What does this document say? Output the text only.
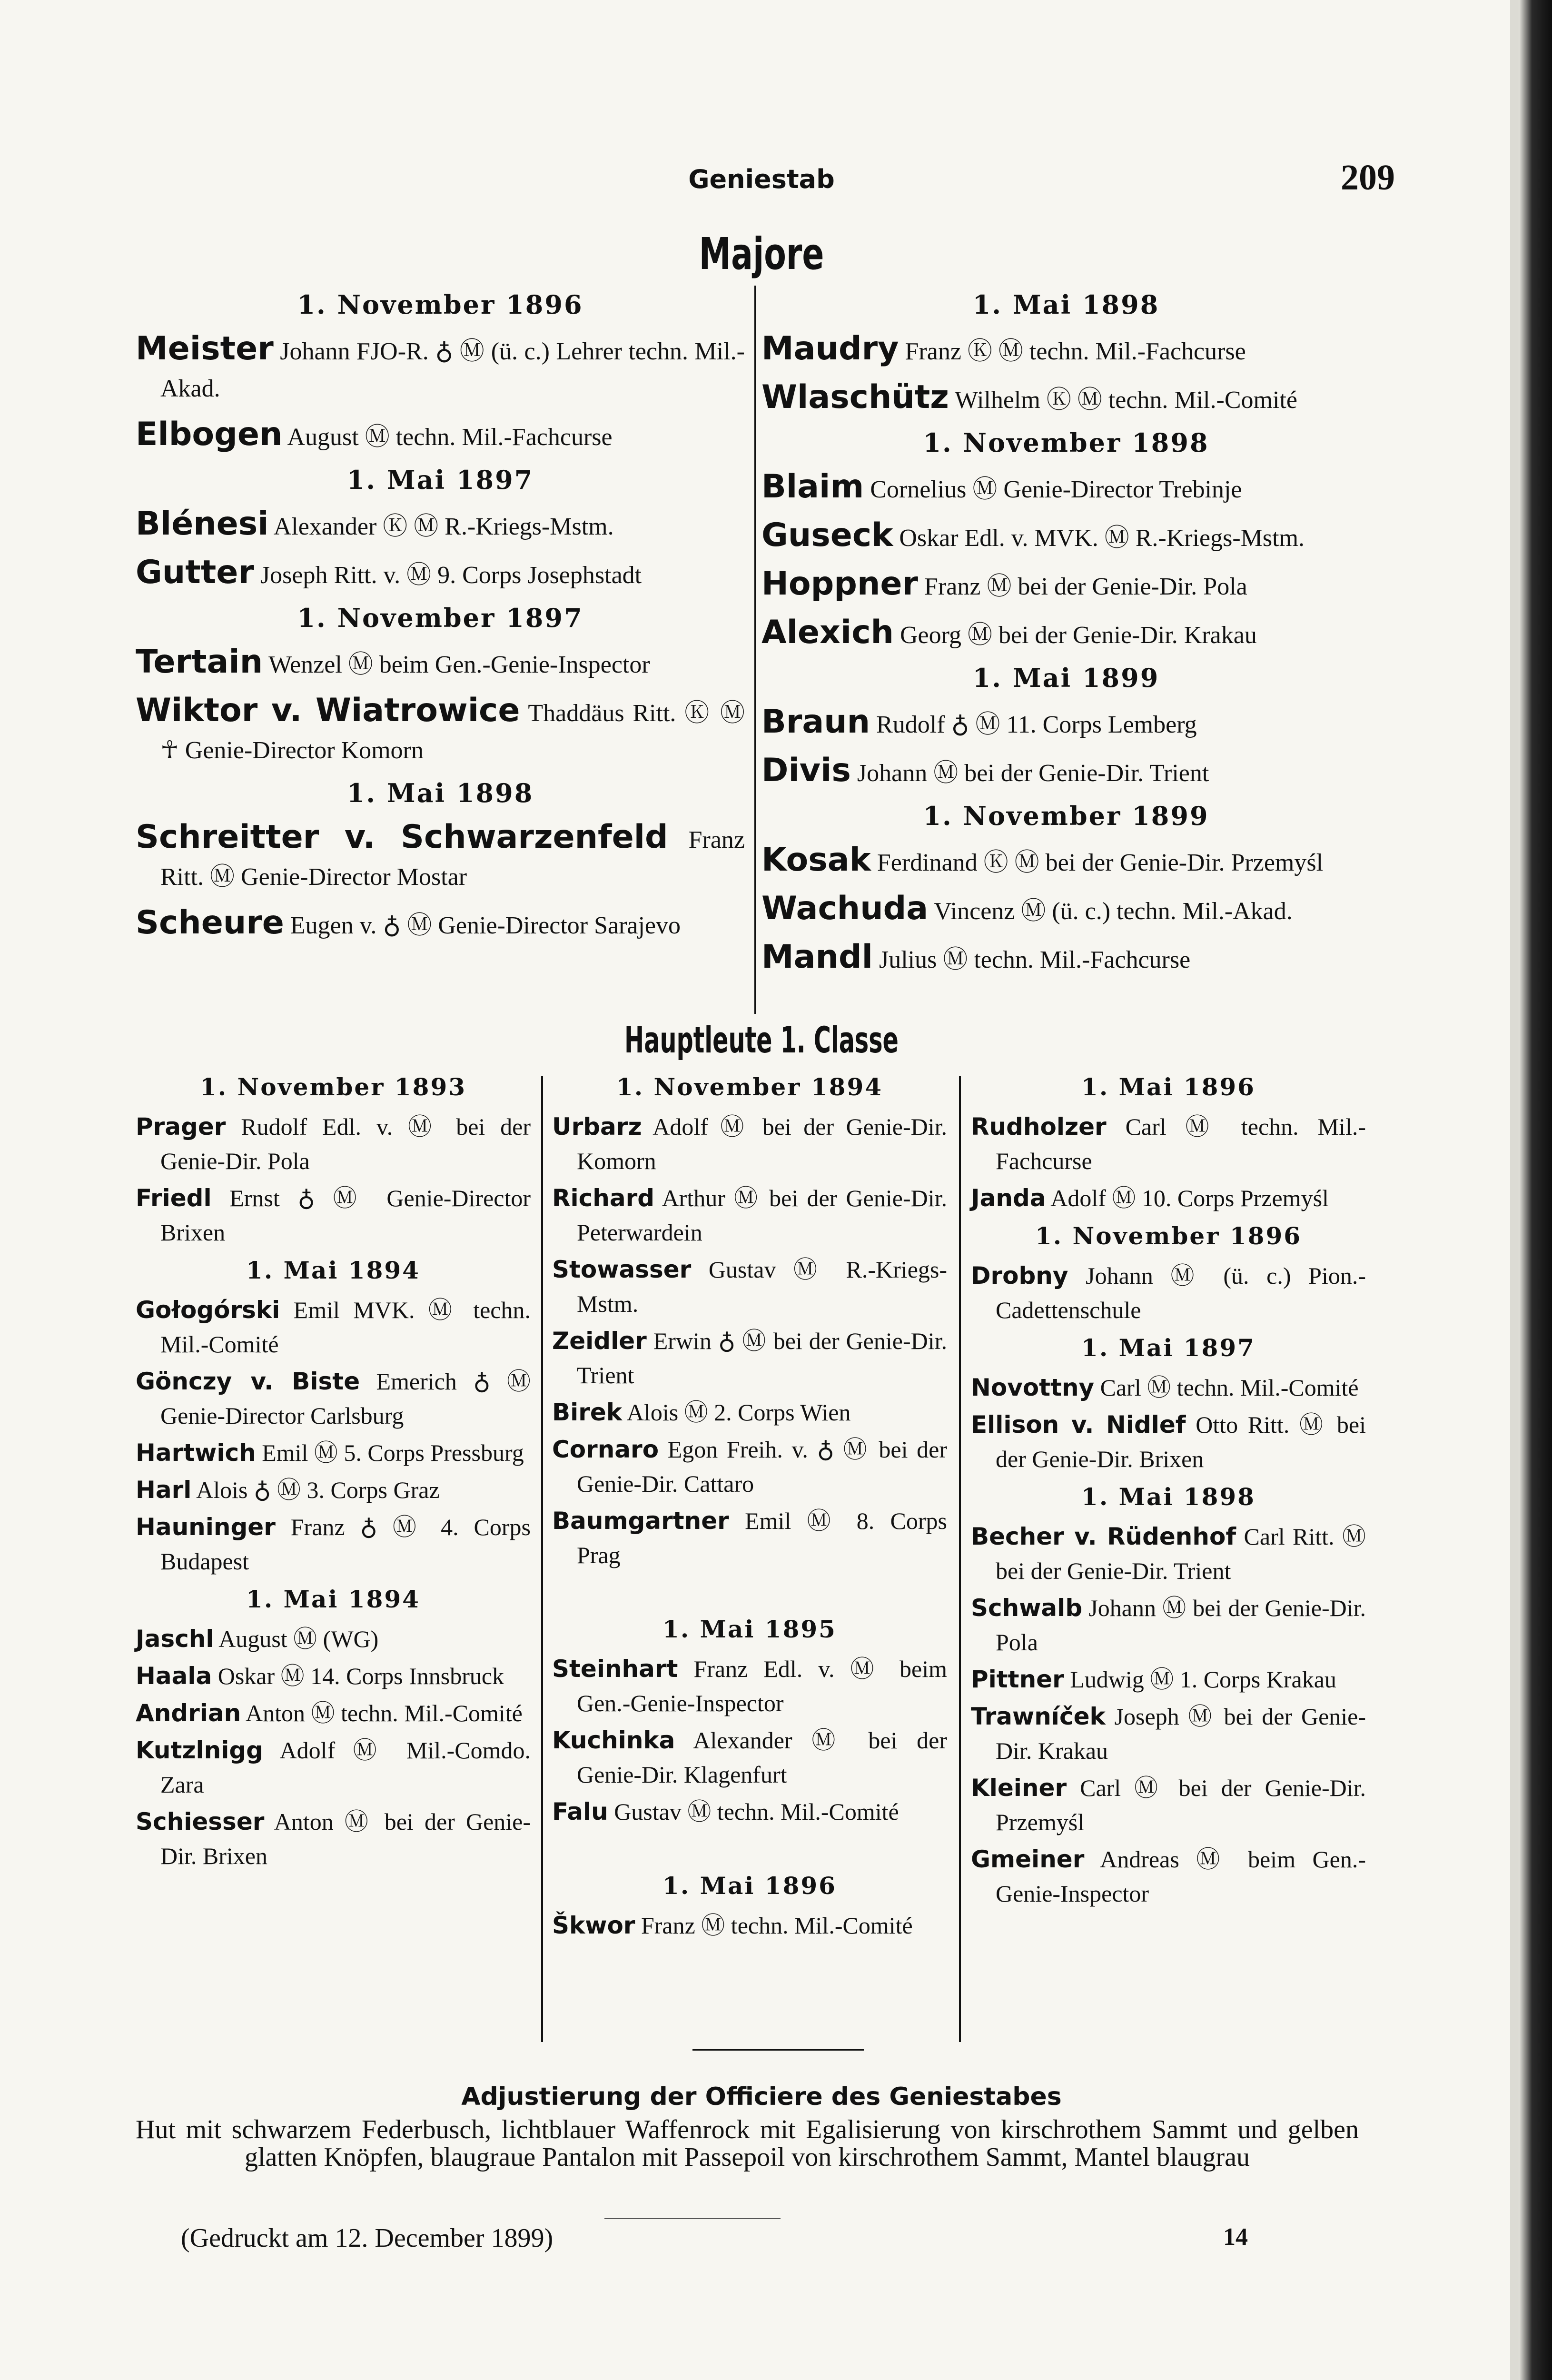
Geniestab	209
Majore
1. November 1896
Meister Johann FJO-R. ♁ Ⓜ (ü. c.) Lehrer techn. Mil.-Akad.
Elbogen August Ⓜ techn. Mil.-Fachcurse
1. Mai 1897
Blénesi Alexander Ⓚ Ⓜ R.-Kriegs-Mstm.
Gutter Joseph Ritt. v. Ⓜ 9. Corps Josephstadt
1. November 1897
Tertain Wenzel Ⓜ beim Gen.-Genie-Inspector
Wiktor v. Wiatrowice Thaddäus Ritt. Ⓚ Ⓜ ☥ Genie-Director Komorn
1. Mai 1898
Schreitter v. Schwarzenfeld Franz Ritt. Ⓜ Genie-Director Mostar
Scheure Eugen v. ♁ Ⓜ Genie-Director Sarajevo
1. Mai 1898
Maudry Franz Ⓚ Ⓜ techn. Mil.-Fachcurse
Wlaschütz Wilhelm Ⓚ Ⓜ techn. Mil.-Comité
1. November 1898
Blaim Cornelius Ⓜ Genie-Director Trebinje
Guseck Oskar Edl. v. MVK. Ⓜ R.-Kriegs-Mstm.
Hoppner Franz Ⓜ bei der Genie-Dir. Pola
Alexich Georg Ⓜ bei der Genie-Dir. Krakau
1. Mai 1899
Braun Rudolf ♁ Ⓜ 11. Corps Lemberg
Divis Johann Ⓜ bei der Genie-Dir. Trient
1. November 1899
Kosak Ferdinand Ⓚ Ⓜ bei der Genie-Dir. Przemyśl
Wachuda Vincenz Ⓜ (ü. c.) techn. Mil.-Akad.
Mandl Julius Ⓜ techn. Mil.-Fachcurse
Hauptleute 1. Classe
1. November 1893
Prager Rudolf Edl. v. Ⓜ bei der Genie-Dir. Pola
Friedl Ernst ♁ Ⓜ Genie-Director Brixen
1. Mai 1894
Gołogórski Emil MVK. Ⓜ techn. Mil.-Comité
Gönczy v. Biste Emerich ♁ Ⓜ Genie-Director Carlsburg
Hartwich Emil Ⓜ 5. Corps Pressburg
Harl Alois ♁ Ⓜ 3. Corps Graz
Hauninger Franz ♁ Ⓜ 4. Corps Budapest
1. Mai 1894
Jaschl August Ⓜ (WG)
Haala Oskar Ⓜ 14. Corps Innsbruck
Andrian Anton Ⓜ techn. Mil.-Comité
Kutzlnigg Adolf Ⓜ Mil.-Comdo. Zara
Schiesser Anton Ⓜ bei der Genie-Dir. Brixen
1. November 1894
Urbarz Adolf Ⓜ bei der Genie-Dir. Komorn
Richard Arthur Ⓜ bei der Genie-Dir. Peterwardein
Stowasser Gustav Ⓜ R.-Kriegs-Mstm.
Zeidler Erwin ♁ Ⓜ bei der Genie-Dir. Trient
Birek Alois Ⓜ 2. Corps Wien
Cornaro Egon Freih. v. ♁ Ⓜ bei der Genie-Dir. Cattaro
Baumgartner Emil Ⓜ 8. Corps Prag
1. Mai 1895
Steinhart Franz Edl. v. Ⓜ beim Gen.-Genie-Inspector
Kuchinka Alexander Ⓜ bei der Genie-Dir. Klagenfurt
Falu Gustav Ⓜ techn. Mil.-Comité
1. Mai 1896
Škwor Franz Ⓜ techn. Mil.-Comité
1. Mai 1896
Rudholzer Carl Ⓜ techn. Mil.-Fachcurse
Janda Adolf Ⓜ 10. Corps Przemyśl
1. November 1896
Drobny Johann Ⓜ (ü. c.) Pion.-Cadettenschule
1. Mai 1897
Novottny Carl Ⓜ techn. Mil.-Comité
Ellison v. Nidlef Otto Ritt. Ⓜ bei der Genie-Dir. Brixen
1. Mai 1898
Becher v. Rüdenhof Carl Ritt. Ⓜ bei der Genie-Dir. Trient
Schwalb Johann Ⓜ bei der Genie-Dir. Pola
Pittner Ludwig Ⓜ 1. Corps Krakau
Trawníček Joseph Ⓜ bei der Genie-Dir. Krakau
Kleiner Carl Ⓜ bei der Genie-Dir. Przemyśl
Gmeiner Andreas Ⓜ beim Gen.-Genie-Inspector
Adjustierung der Officiere des Geniestabes
Hut mit schwarzem Federbusch, lichtblauer Waffenrock mit Egalisierung von kirschrothem Sammt und gelben glatten Knöpfen, blaugraue Pantalon mit Passepoil von kirschrothem Sammt, Mantel blaugrau
(Gedruckt am 12. December 1899)	14
